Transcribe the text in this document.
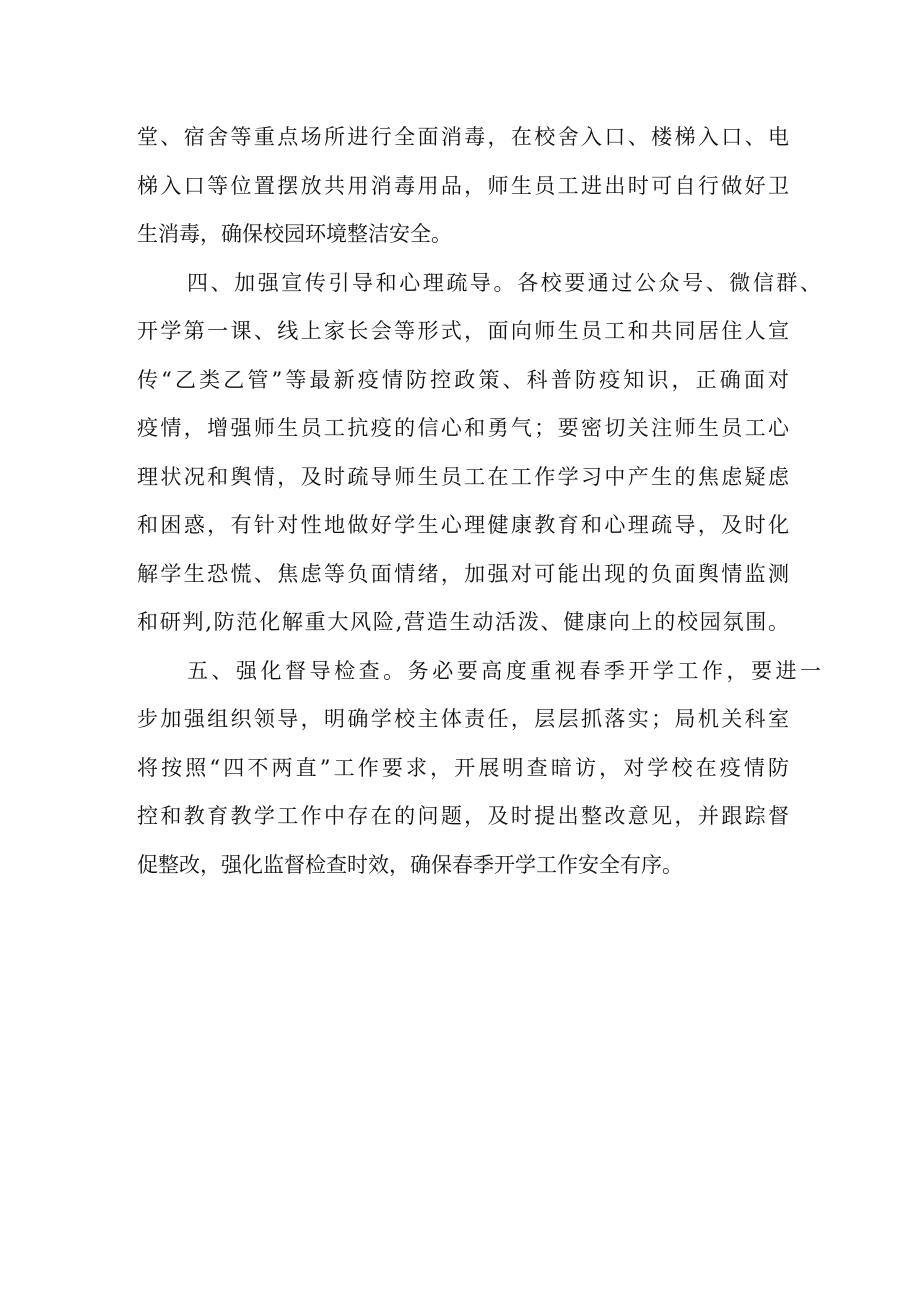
堂、宿舍等重点场所进行全面消毒，在校舍入口、楼梯入口、电
梯入口等位置摆放共用消毒用品，师生员工进出时可自行做好卫
生消毒，确保校园环境整洁安全。
四、加强宣传引导和心理疏导。各校要通过公众号、微信群、
开学第一课、线上家长会等形式，面向师生员工和共同居住人宣
传“乙类乙管”等最新疫情防控政策、科普防疫知识，正确面对
疫情，增强师生员工抗疫的信心和勇气；要密切关注师生员工心
理状况和舆情，及时疏导师生员工在工作学习中产生的焦虑疑虑
和困惑，有针对性地做好学生心理健康教育和心理疏导，及时化
解学生恐慌、焦虑等负面情绪，加强对可能出现的负面舆情监测
和研判,防范化解重大风险,营造生动活泼、健康向上的校园氛围。
五、强化督导检查。务必要高度重视春季开学工作，要进一
步加强组织领导，明确学校主体责任，层层抓落实；局机关科室
将按照“四不两直”工作要求，开展明查暗访，对学校在疫情防
控和教育教学工作中存在的问题，及时提出整改意见，并跟踪督
促整改，强化监督检查时效，确保春季开学工作安全有序。
